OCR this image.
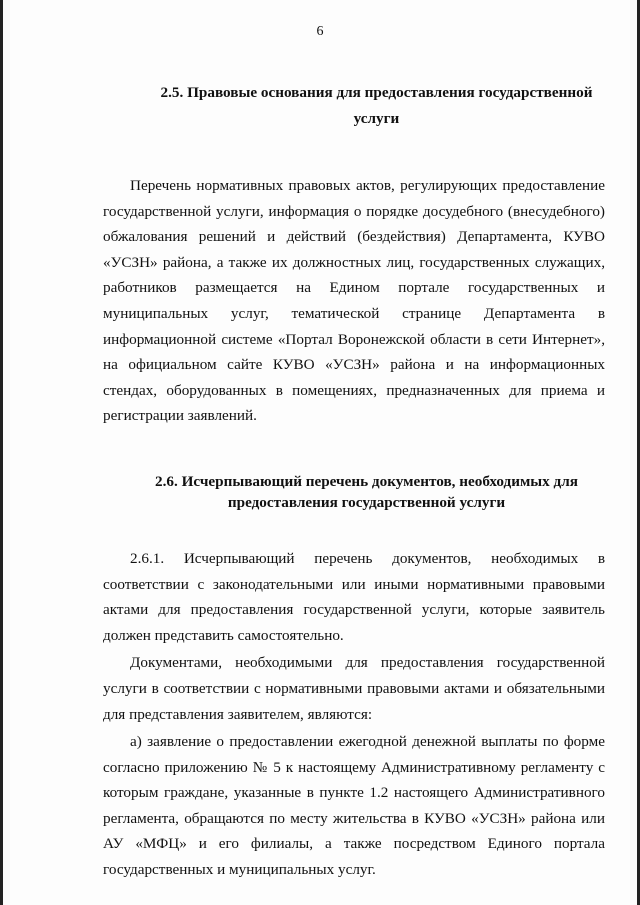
6
2.5. Правовые основания для предоставления государственной
услуги

Перечень нормативных правовых актов, регулирующих предоставление государственной услуги, информация о порядке досудебного (внесудебного) обжалования решений и действий (бездействия) Департамента, КУВО «УСЗН» района, а также их должностных лиц, государственных служащих, работников размещается на Едином портале государственных и муниципальных услуг, тематической странице Департамента в информационной системе «Портал Воронежской области в сети Интернет», на официальном сайте КУВО «УСЗН» района и на информационных стендах, оборудованных в помещениях, предназначенных для приема и регистрации заявлений.

2.6. Исчерпывающий перечень документов, необходимых для
предоставления государственной услуги

2.6.1. Исчерпывающий перечень документов, необходимых в соответствии с законодательными или иными нормативными правовыми актами для предоставления государственной услуги, которые заявитель должен представить самостоятельно.

Документами, необходимыми для предоставления государственной услуги в соответствии с нормативными правовыми актами и обязательными для представления заявителем, являются:

а) заявление о предоставлении ежегодной денежной выплаты по форме согласно приложению № 5 к настоящему Административному регламенту с которым граждане, указанные в пункте 1.2 настоящего Административного регламента, обращаются по месту жительства в КУВО «УСЗН» района или АУ «МФЦ» и его филиалы, а также посредством Единого портала государственных и муниципальных услуг.
